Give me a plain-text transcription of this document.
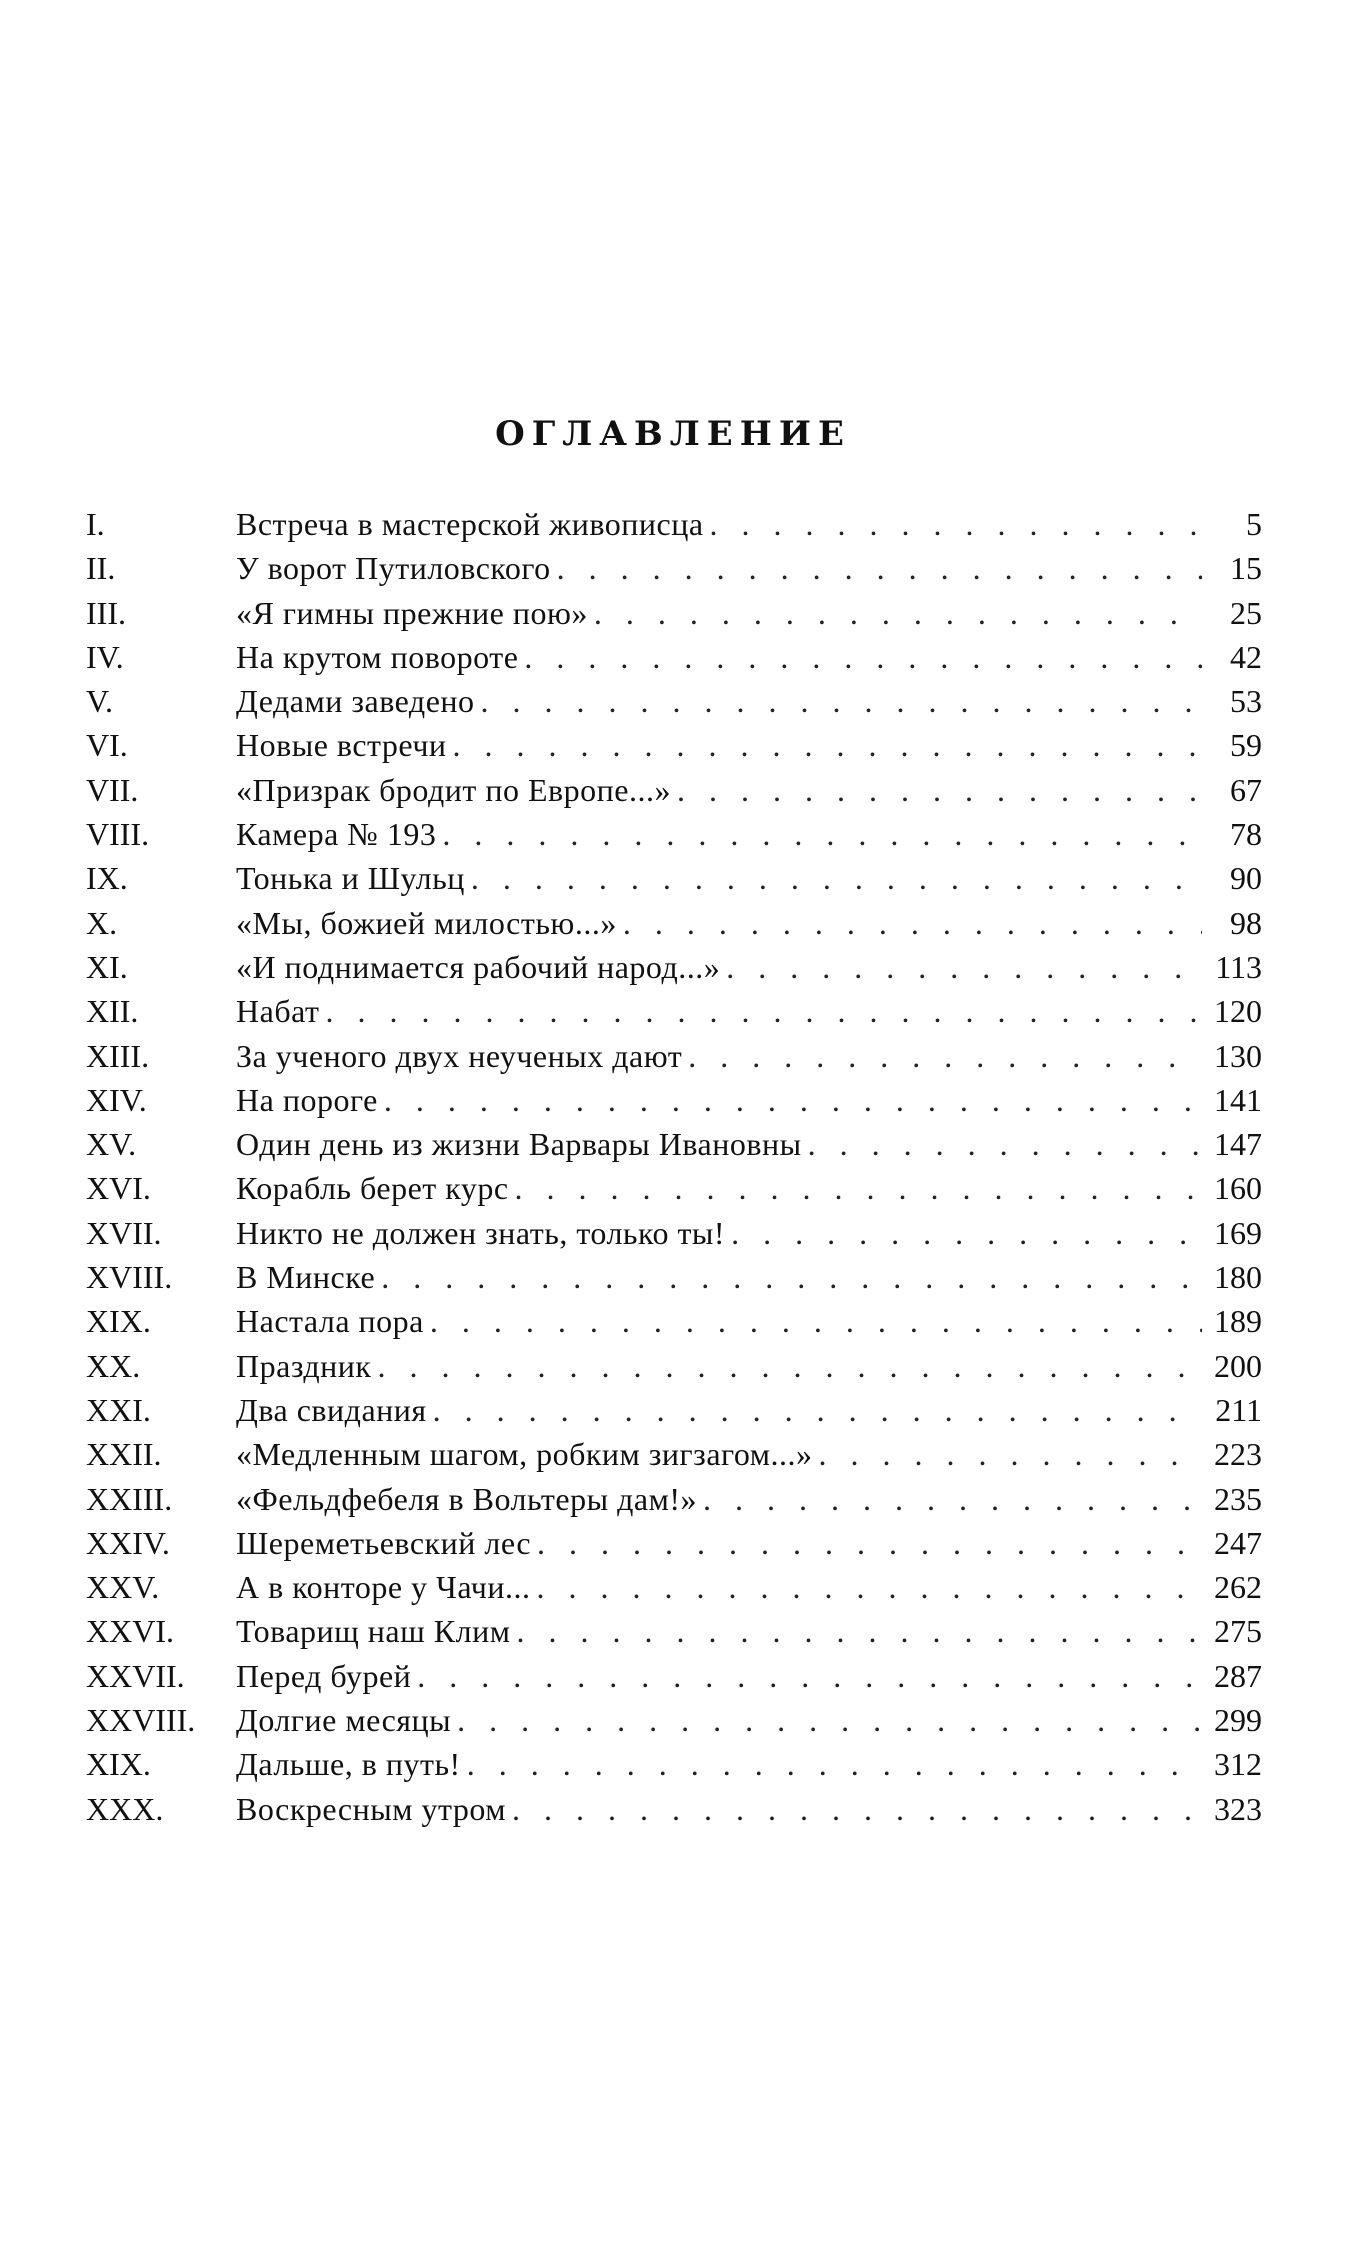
ОГЛАВЛЕНИЕ
I.	Встреча в мастерской живописца . . .	5
II.	У ворот Путиловского . . .	15
III.	«Я гимны прежние пою» . . .	25
IV.	На крутом повороте . . .	42
V.	Дедами заведено . . .	53
VI.	Новые встречи . . .	59
VII.	«Призрак бродит по Европе...» . . .	67
VIII.	Камера № 193 . . .	78
IX.	Тонька и Шульц . . .	90
X.	«Мы, божией милостью...» . . .	98
XI.	«И поднимается рабочий народ...» . . .	113
XII.	Набат . . .	120
XIII.	За ученого двух неученых дают . . .	130
XIV.	На пороге . . .	141
XV.	Один день из жизни Варвары Ивановны . . .	147
XVI.	Корабль берет курс . . .	160
XVII.	Никто не должен знать, только ты! . . .	169
XVIII.	В Минске . . .	180
XIX.	Настала пора . . .	189
XX.	Праздник . . .	200
XXI.	Два свидания . . .	211
XXII.	«Медленным шагом, робким зигзагом...» . . .	223
XXIII.	«Фельдфебеля в Вольтеры дам!» . . .	235
XXIV.	Шереметьевский лес . . .	247
XXV.	А в конторе у Чачи... . . .	262
XXVI.	Товарищ наш Клим . . .	275
XXVII.	Перед бурей . . .	287
XXVIII.	Долгие месяцы . . .	299
XIX.	Дальше, в путь! . . .	312
XXX.	Воскресным утром . . .	323
